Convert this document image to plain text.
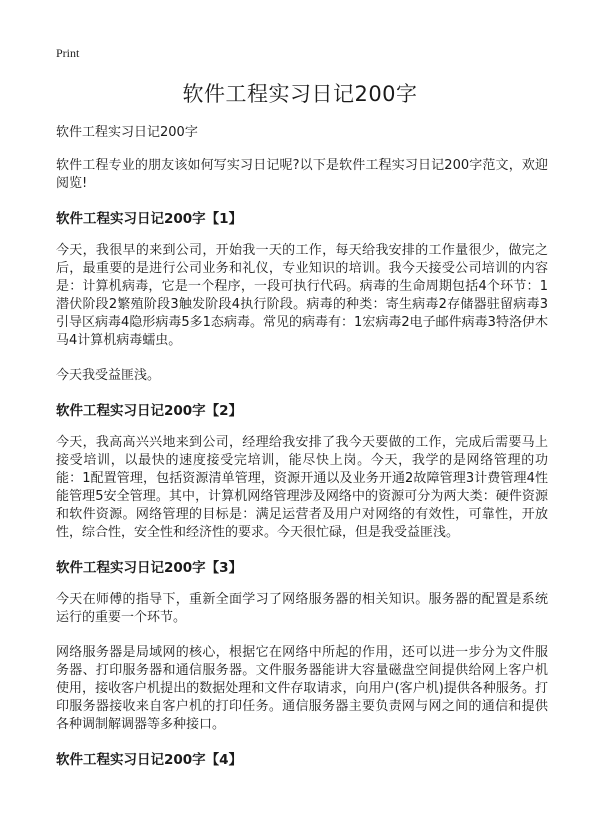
Print
软件工程实习日记200字

软件工程实习日记200字

软件工程专业的朋友该如何写实习日记呢?以下是软件工程实习日记200字范文，欢迎阅览!

软件工程实习日记200字【1】

今天，我很早的来到公司，开始我一天的工作，每天给我安排的工作量很少，做完之后，最重要的是进行公司业务和礼仪，专业知识的培训。我今天接受公司培训的内容是：计算机病毒，它是一个程序，一段可执行代码。病毒的生命周期包括4个环节：1潜伏阶段2繁殖阶段3触发阶段4执行阶段。病毒的种类：寄生病毒2存储器驻留病毒3引导区病毒4隐形病毒5多1态病毒。常见的病毒有：1宏病毒2电子邮件病毒3特洛伊木马4计算机病毒蠕虫。

今天我受益匪浅。

软件工程实习日记200字【2】

今天，我高高兴兴地来到公司，经理给我安排了我今天要做的工作，完成后需要马上接受培训，以最快的速度接受完培训，能尽快上岗。今天，我学的是网络管理的功能：1配置管理，包括资源清单管理，资源开通以及业务开通2故障管理3计费管理4性能管理5安全管理。其中，计算机网络管理涉及网络中的资源可分为两大类：硬件资源和软件资源。网络管理的目标是：满足运营者及用户对网络的有效性，可靠性，开放性，综合性，安全性和经济性的要求。今天很忙碌，但是我受益匪浅。

软件工程实习日记200字【3】

今天在师傅的指导下，重新全面学习了网络服务器的相关知识。服务器的配置是系统运行的重要一个环节。

网络服务器是局域网的核心，根据它在网络中所起的作用，还可以进一步分为文件服务器、打印服务器和通信服务器。文件服务器能讲大容量磁盘空间提供给网上客户机使用，接收客户机提出的数据处理和文件存取请求，向用户(客户机)提供各种服务。打印服务器接收来自客户机的打印任务。通信服务器主要负责网与网之间的通信和提供各种调制解调器等多种接口。

软件工程实习日记200字【4】
